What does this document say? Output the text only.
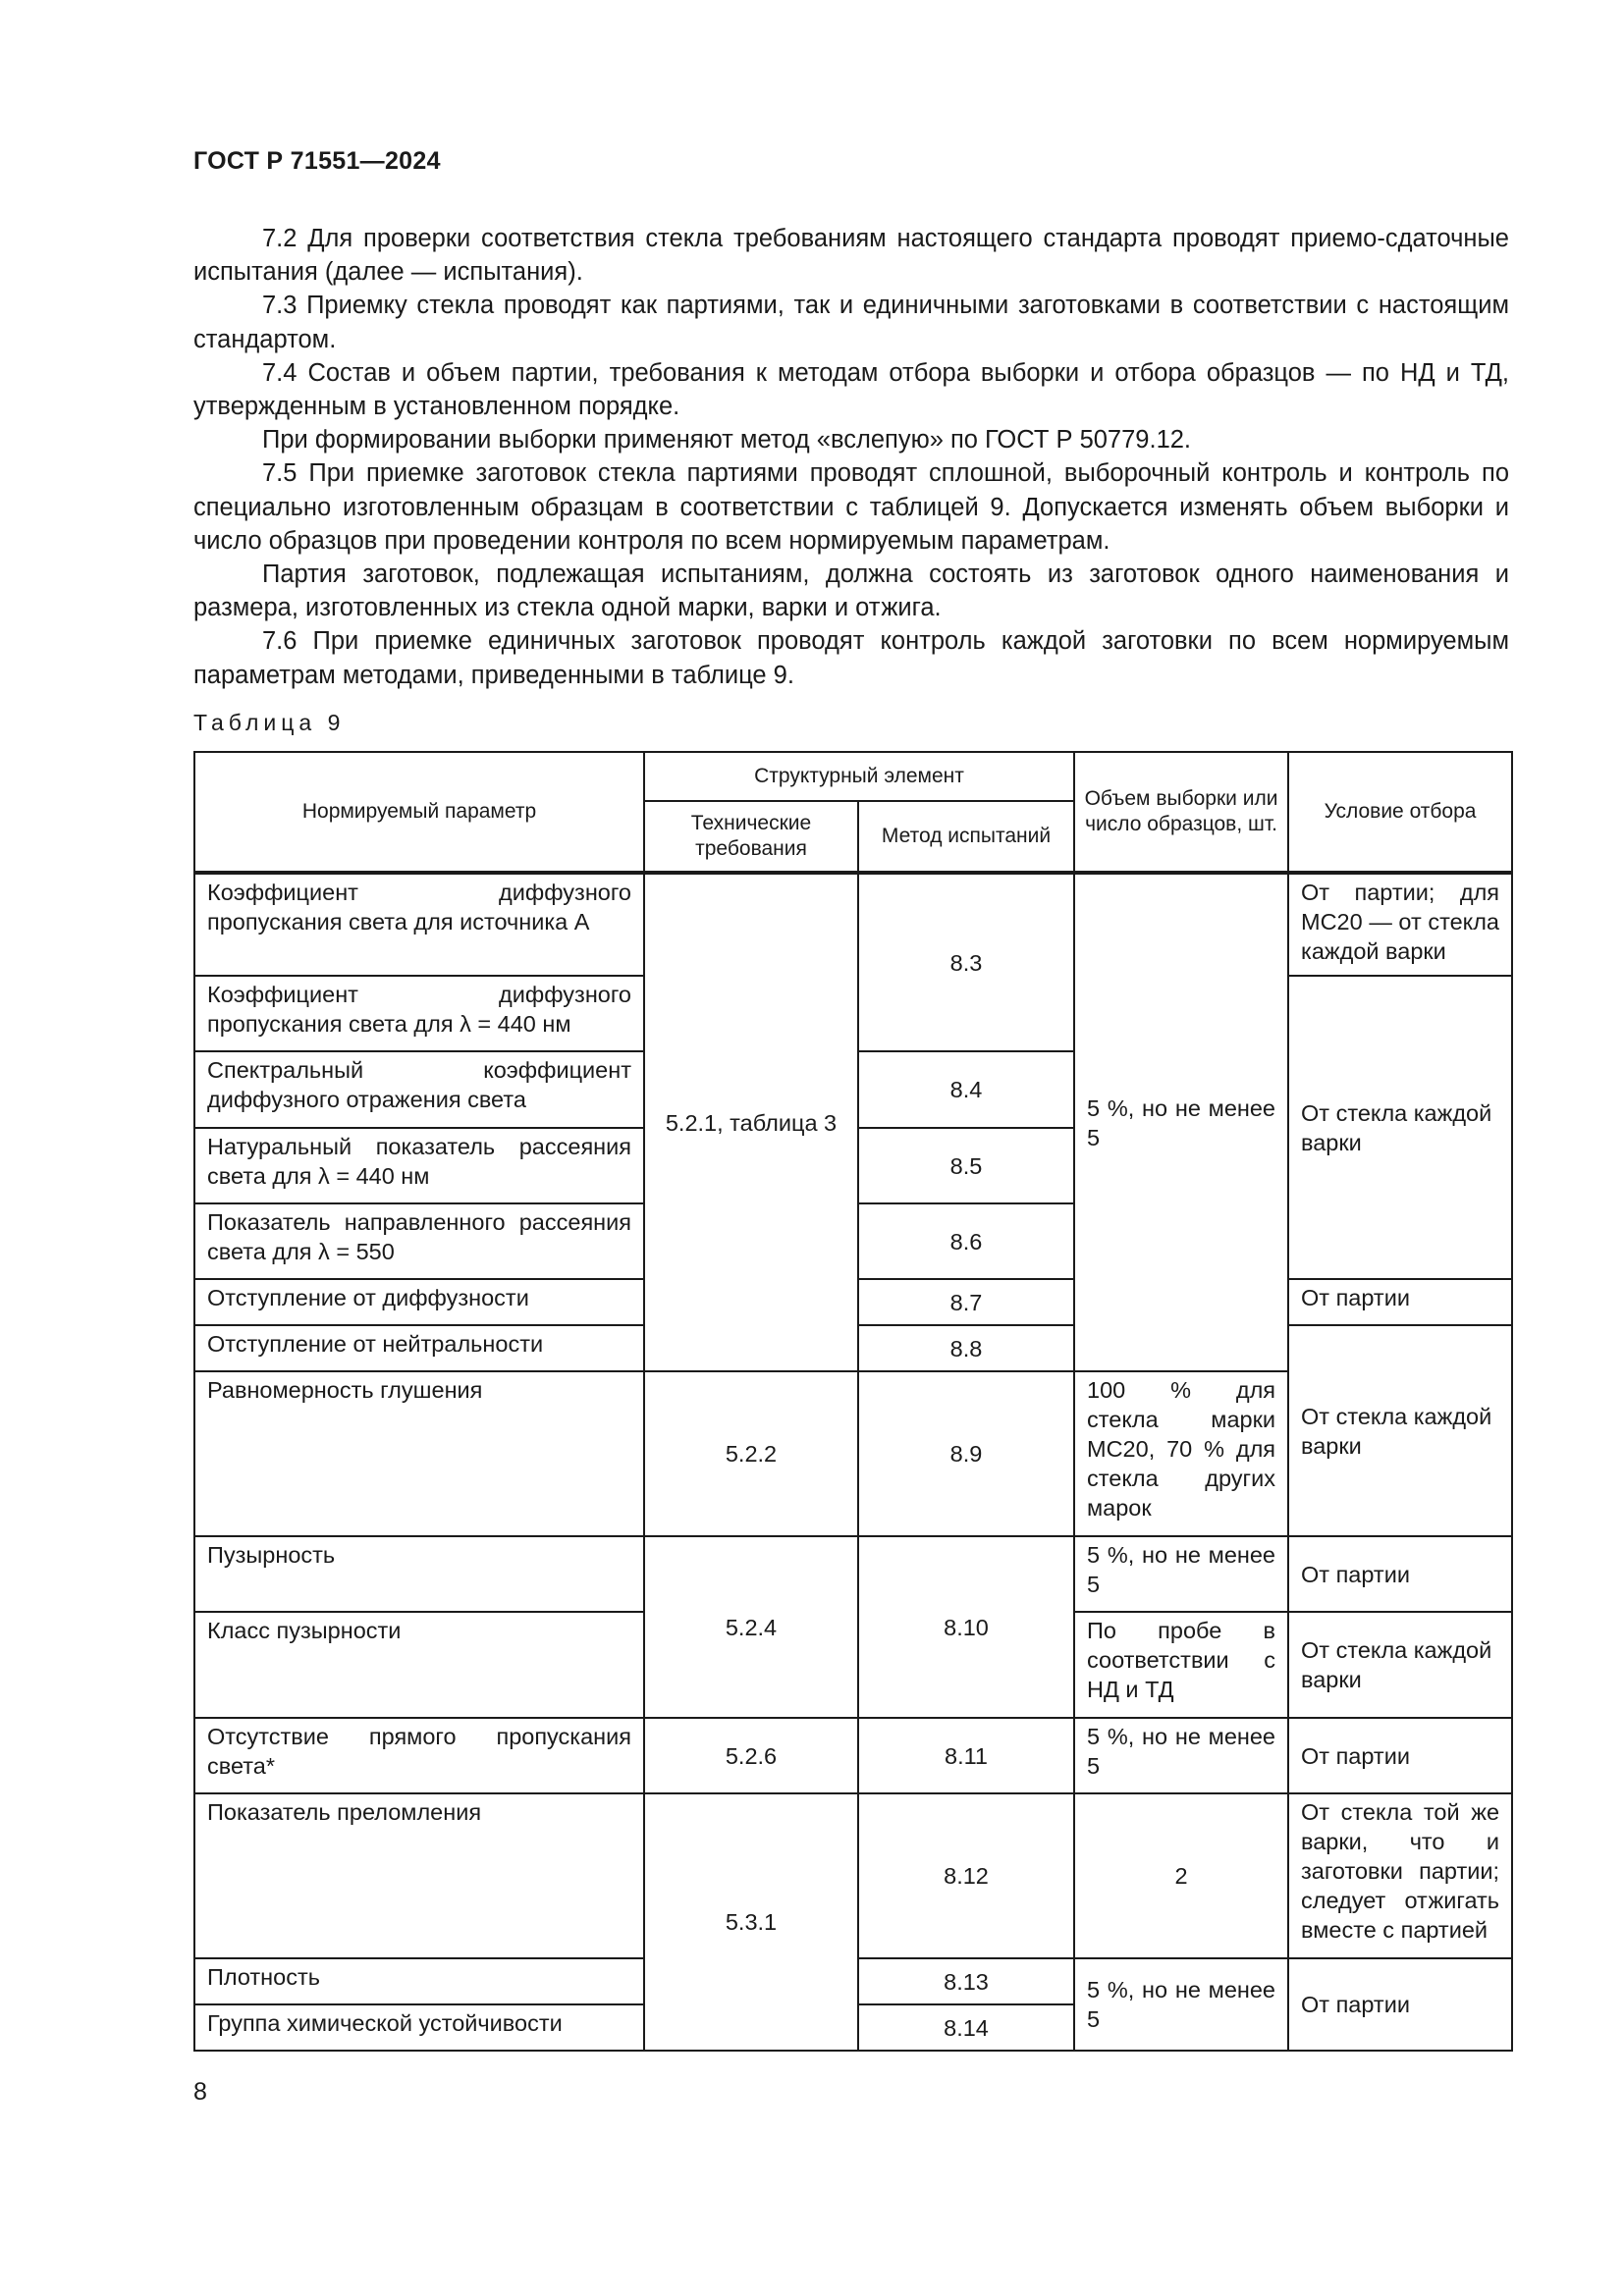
ГОСТ Р 71551—2024

7.2 Для проверки соответствия стекла требованиям настоящего стандарта проводят приемо-сдаточные испытания (далее — испытания).

7.3 Приемку стекла проводят как партиями, так и единичными заготовками в соответствии с настоящим стандартом.

7.4 Состав и объем партии, требования к методам отбора выборки и отбора образцов — по НД и ТД, утвержденным в установленном порядке.

При формировании выборки применяют метод «вслепую» по ГОСТ Р 50779.12.

7.5 При приемке заготовок стекла партиями проводят сплошной, выборочный контроль и контроль по специально изготовленным образцам в соответствии с таблицей 9. Допускается изменять объем выборки и число образцов при проведении контроля по всем нормируемым параметрам.

Партия заготовок, подлежащая испытаниям, должна состоять из заготовок одного наименования и размера, изготовленных из стекла одной марки, варки и отжига.

7.6 При приемке единичных заготовок проводят контроль каждой заготовки по всем нормируемым параметрам методами, приведенными в таблице 9.

Таблица 9
Нормируемый параметр	Структурный элемент		Объем выборки или число образцов, шт.	Условие отбора
	Технические требования	Метод испытаний		
Коэффициент диффузного пропускания света для источника А	5.2.1, таблица 3	8.3	5 %, но не менее 5	От партии; для МС20 — от стекла каждой варки
Коэффициент диффузного пропускания света для λ = 440 нм				От стекла каждой варки
Спектральный коэффициент диффузного отражения света		8.4		
Натуральный показатель рассеяния света для λ = 440 нм		8.5		
Показатель направленного рассеяния света для λ = 550		8.6		
Отступление от диффузности		8.7		От партии
Отступление от нейтральности		8.8		От стекла каждой варки
Равномерность глушения	5.2.2	8.9	100 % для стекла марки МС20, 70 % для стекла других марок	
Пузырность	5.2.4	8.10	5 %, но не менее 5	От партии
Класс пузырности			По пробе в соответствии с НД и ТД	От стекла каждой варки
Отсутствие прямого пропускания света*	5.2.6	8.11	5 %, но не менее 5	От партии
Показатель преломления	5.3.1	8.12	2	От стекла той же варки, что и заготовки партии; следует отжигать вместе с партией
Плотность		8.13	5 %, но не менее 5	От партии
Группа химической устойчивости		8.14		
8
